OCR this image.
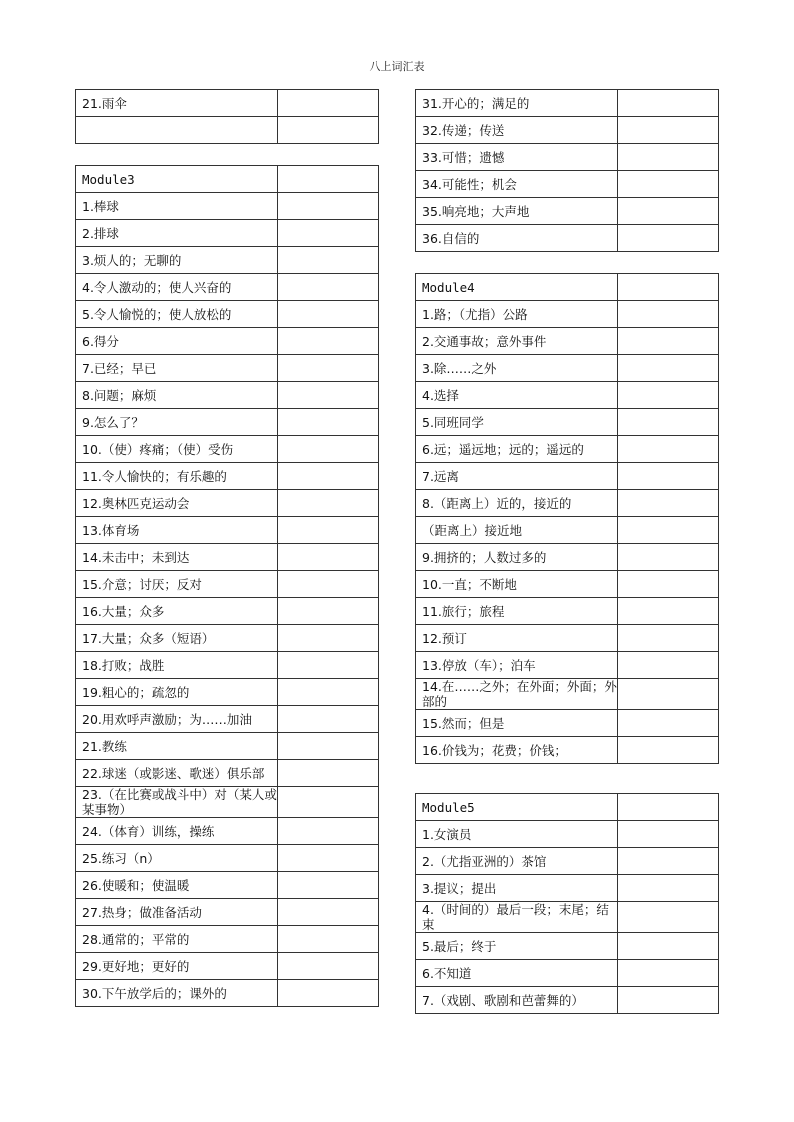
八上词汇表
21.雨伞	

Module3	
1.棒球	
2.排球	
3.烦人的；无聊的	
4.令人激动的；使人兴奋的	
5.令人愉悦的；使人放松的	
6.得分	
7.已经；早已	
8.问题；麻烦	
9.怎么了？	
10.（使）疼痛；（使）受伤	
11.令人愉快的；有乐趣的	
12.奥林匹克运动会	
13.体育场	
14.未击中；未到达	
15.介意；讨厌；反对	
16.大量；众多	
17.大量；众多（短语）	
18.打败；战胜	
19.粗心的；疏忽的	
20.用欢呼声激励；为……加油	
21.教练	
22.球迷（或影迷、歌迷）俱乐部	
23.（在比赛或战斗中）对（某人或某事物）	
24.（体育）训练，操练	
25.练习（n）	
26.使暖和；使温暖	
27.热身；做准备活动	
28.通常的；平常的	
29.更好地；更好的	
30.下午放学后的；课外的	
31.开心的；满足的	
32.传递；传送	
33.可惜；遗憾	
34.可能性；机会	
35.响亮地；大声地	
36.自信的	
Module4	
1.路；（尤指）公路	
2.交通事故；意外事件	
3.除……之外	
4.选择	
5.同班同学	
6.远；遥远地；远的；遥远的	
7.远离	
8.（距离上）近的，接近的	
（距离上）接近地	
9.拥挤的；人数过多的	
10.一直；不断地	
11.旅行；旅程	
12.预订	
13.停放（车）；泊车	
14.在……之外；在外面；外面；外部的	
15.然而；但是	
16.价钱为；花费；价钱；	
Module5	
1.女演员	
2.（尤指亚洲的）茶馆	
3.提议；提出	
4.（时间的）最后一段；末尾；结束	
5.最后；终于	
6.不知道	
7.（戏剧、歌剧和芭蕾舞的）	
